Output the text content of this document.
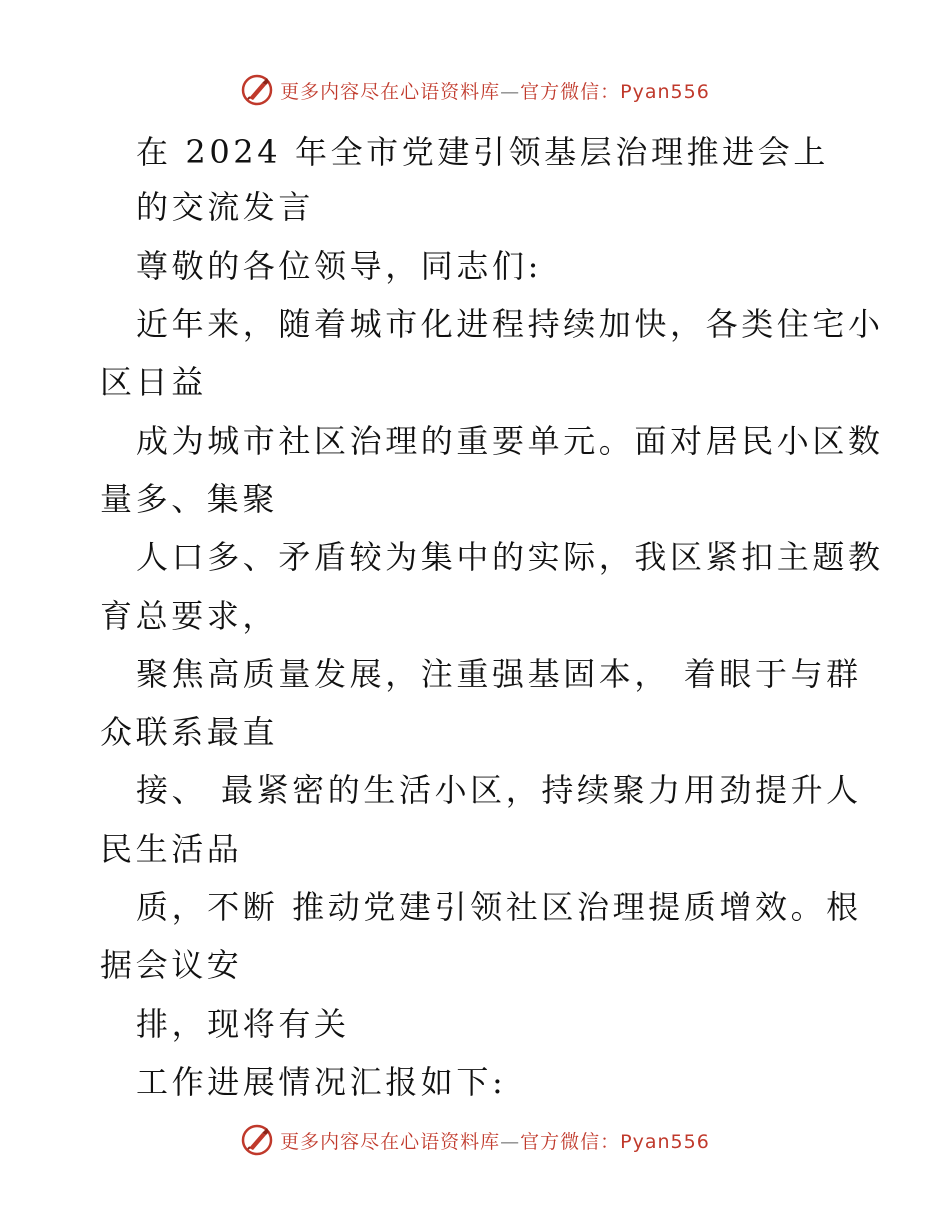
更多内容尽在心语资料库—官方微信：Pyan556
在 2024 年全市党建引领基层治理推进会上
的交流发言
尊敬的各位领导，同志们:
近年来，随着城市化进程持续加快，各类住宅小
区日益
成为城市社区治理的重要单元。面对居民小区数
量多、集聚
人口多、矛盾较为集中的实际，我区紧扣主题教
育总要求，
聚焦高质量发展，注重强基固本， 着眼于与群
众联系最直
接、 最紧密的生活小区，持续聚力用劲提升人
民生活品
质，不断 推动党建引领社区治理提质增效。根
据会议安
排，现将有关
工作进展情况汇报如下:
更多内容尽在心语资料库—官方微信：Pyan556
